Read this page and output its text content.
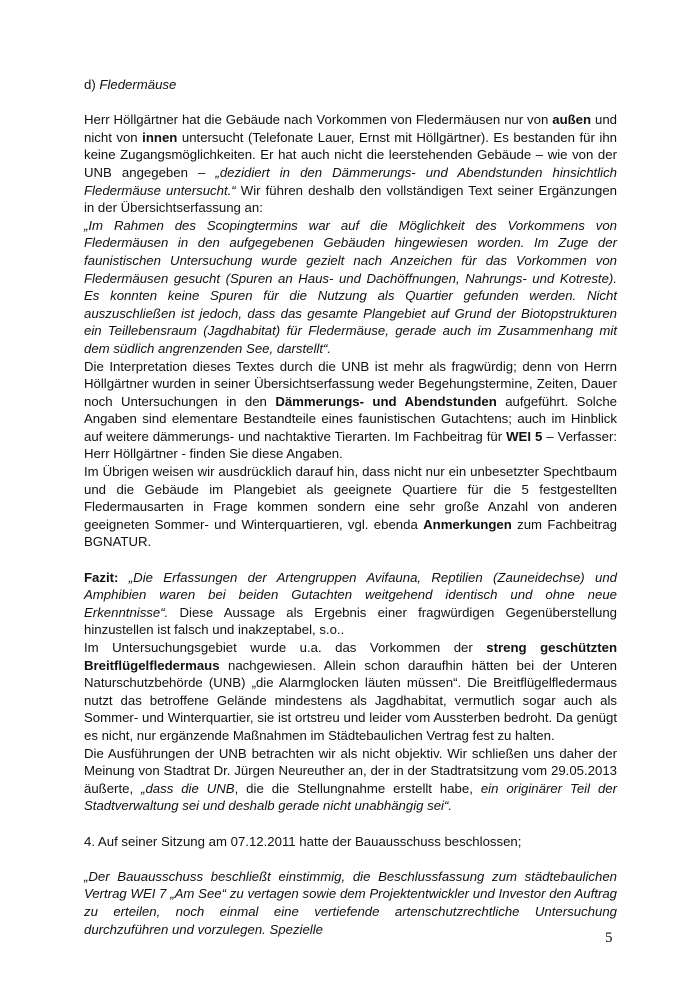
d) Fledermäuse

Herr Höllgärtner hat die Gebäude nach Vorkommen von Fledermäusen nur von außen und nicht von innen untersucht (Telefonate Lauer, Ernst mit Höllgärtner). Es bestanden für ihn keine Zugangsmöglichkeiten. Er hat auch nicht die leerstehenden Gebäude – wie von der UNB angegeben – „dezidiert in den Dämmerungs- und Abendstunden hinsichtlich Fledermäuse untersucht.“ Wir führen deshalb den vollständigen Text seiner Ergänzungen in der Übersichtserfassung an:

„Im Rahmen des Scopingtermins war auf die Möglichkeit des Vorkommens von Fledermäusen in den aufgegebenen Gebäuden hingewiesen worden. Im Zuge der faunistischen Untersuchung wurde gezielt nach Anzeichen für das Vorkommen von Fledermäusen gesucht (Spuren an Haus- und Dachöffnungen, Nahrungs- und Kotreste). Es konnten keine Spuren für die Nutzung als Quartier gefunden werden. Nicht auszuschließen ist jedoch, dass das gesamte Plangebiet auf Grund der Biotopstrukturen ein Teillebensraum (Jagdhabitat) für Fledermäuse, gerade auch im Zusammenhang mit dem südlich angrenzenden See, darstellt“.

Die Interpretation dieses Textes durch die UNB ist mehr als fragwürdig; denn von Herrn Höllgärtner wurden in seiner Übersichtserfassung weder Begehungstermine, Zeiten, Dauer noch Untersuchungen in den Dämmerungs- und Abendstunden aufgeführt. Solche Angaben sind elementare Bestandteile eines faunistischen Gutachtens; auch im Hinblick auf weitere dämmerungs- und nachtaktive Tierarten. Im Fachbeitrag für WEI 5 – Verfasser: Herr Höllgärtner - finden Sie diese Angaben.

Im Übrigen weisen wir ausdrücklich darauf hin, dass nicht nur ein unbesetzter Spechtbaum und die Gebäude im Plangebiet als geeignete Quartiere für die 5 festgestellten Fledermausarten in Frage kommen sondern eine sehr große Anzahl von anderen geeigneten Sommer- und Winterquartieren, vgl. ebenda Anmerkungen zum Fachbeitrag BGNATUR.

Fazit: „Die Erfassungen der Artengruppen Avifauna, Reptilien (Zauneidechse) und Amphibien waren bei beiden Gutachten weitgehend identisch und ohne neue Erkenntnisse“. Diese Aussage als Ergebnis einer fragwürdigen Gegenüberstellung hinzustellen ist falsch und inakzeptabel, s.o..

Im Untersuchungsgebiet wurde u.a. das Vorkommen der streng geschützten Breitflügelfledermaus nachgewiesen. Allein schon daraufhin hätten bei der Unteren Naturschutzbehörde (UNB) „die Alarmglocken läuten müssen“. Die Breitflügelfledermaus nutzt das betroffene Gelände mindestens als Jagdhabitat, vermutlich sogar auch als Sommer- und Winterquartier, sie ist ortstreu und leider vom Aussterben bedroht. Da genügt es nicht, nur ergänzende Maßnahmen im Städtebaulichen Vertrag fest zu halten.

Die Ausführungen der UNB betrachten wir als nicht objektiv. Wir schließen uns daher der Meinung von Stadtrat Dr. Jürgen Neureuther an, der in der Stadtratsitzung vom 29.05.2013 äußerte, „dass die UNB, die die Stellungnahme erstellt habe, ein originärer Teil der Stadtverwaltung sei und deshalb gerade nicht unabhängig sei“.

4. Auf seiner Sitzung am 07.12.2011 hatte der Bauausschuss beschlossen;

„Der Bauausschuss beschließt einstimmig, die Beschlussfassung zum städtebaulichen Vertrag WEI 7 „Am See“ zu vertagen sowie dem Projektentwickler und Investor den Auftrag zu erteilen, noch einmal eine vertiefende artenschutzrechtliche Untersuchung durchzuführen und vorzulegen. Spezielle

5
